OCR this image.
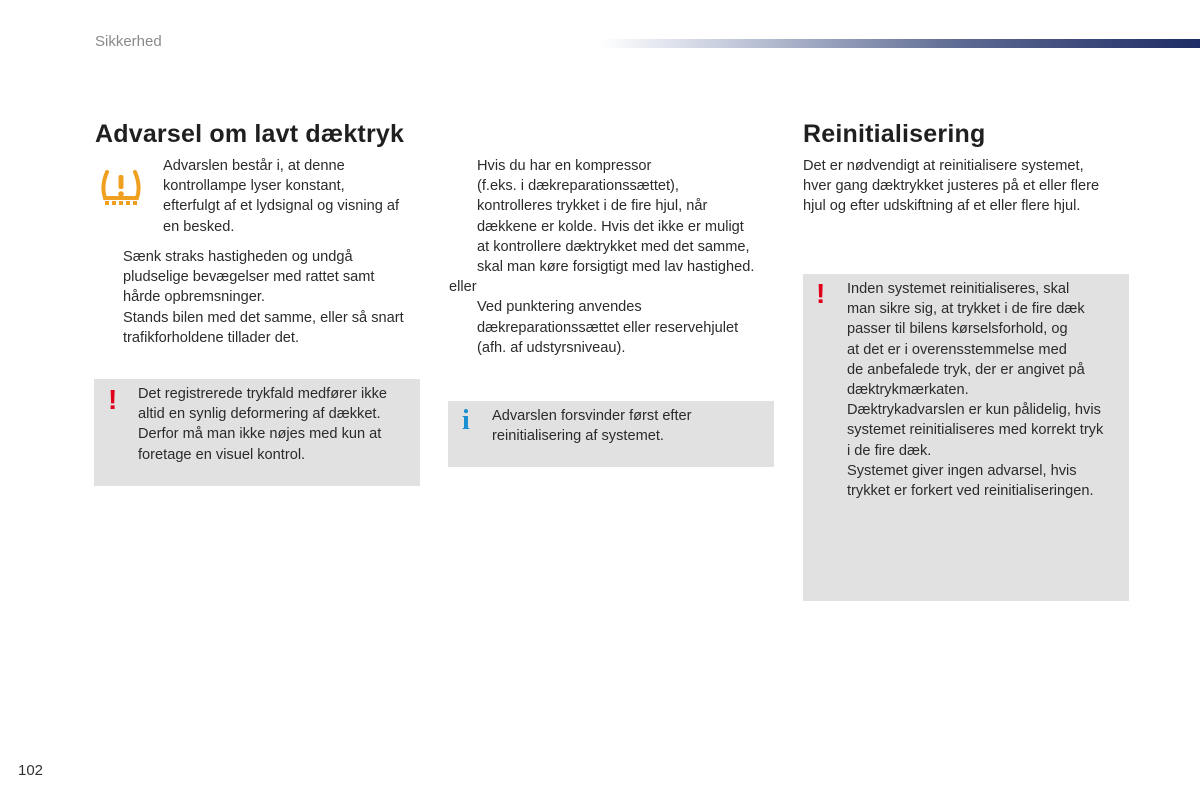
Sikkerhed
Advarsel om lavt dæktryk

Advarslen består i, at denne

kontrollampe lyser konstant,

efterfulgt af et lydsignal og visning af

en besked.

Sænk straks hastigheden og undgå
pludselige bevægelser med rattet samt
hårde opbremsninger.
Stands bilen med det samme, eller så snart
trafikforholdene tillader det.
! Det registrerede trykfald medfører ikke

altid en synlig deformering af dækket.

Derfor må man ikke nøjes med kun at

foretage en visuel kontrol.

Hvis du har en kompressor
(f.eks. i dækreparationssættet),
kontrolleres trykket i de fire hjul, når
dækkene er kolde. Hvis det ikke er muligt
at kontrollere dæktrykket med det samme,
skal man køre forsigtigt med lav hastighed.
eller
Ved punktering anvendes
dækreparationssættet eller reservehjulet
(afh. af udstyrsniveau).
i Advarslen forsvinder først efter

reinitialisering af systemet.

Reinitialisering

Det er nødvendigt at reinitialisere systemet,

hver gang dæktrykket justeres på et eller flere

hjul og efter udskiftning af et eller flere hjul.

! Inden systemet reinitialiseres, skal

man sikre sig, at trykket i de fire dæk

passer til bilens kørselsforhold, og

at det er i overensstemmelse med

de anbefalede tryk, der er angivet på

dæktrykmærkaten.

Dæktrykadvarslen er kun pålidelig, hvis

systemet reinitialiseres med korrekt tryk

i de fire dæk.

Systemet giver ingen advarsel, hvis

trykket er forkert ved reinitialiseringen.

102
